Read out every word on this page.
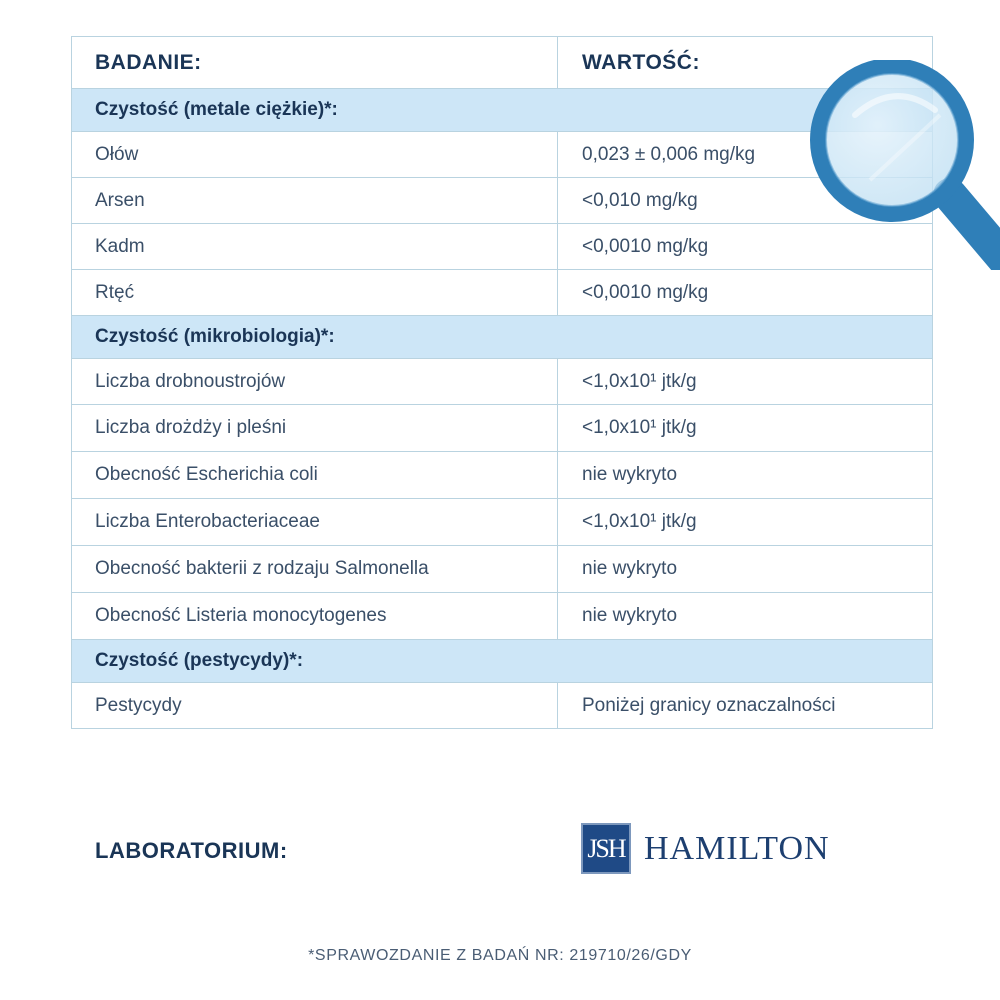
BADANIE:	WARTOŚĆ:
Czystość (metale ciężkie)*:
Ołów	0,023 ± 0,006 mg/kg
Arsen	<0,010 mg/kg
Kadm	<0,0010 mg/kg
Rtęć	<0,0010 mg/kg
Czystość (mikrobiologia)*:
Liczba drobnoustrojów	<1,0x10¹ jtk/g
Liczba drożdży i pleśni	<1,0x10¹ jtk/g
Obecność Escherichia coli	nie wykryto
Liczba Enterobacteriaceae	<1,0x10¹ jtk/g
Obecność bakterii z rodzaju Salmonella	nie wykryto
Obecność Listeria monocytogenes	nie wykryto
Czystość (pestycydy)*:
Pestycydy	Poniżej granicy oznaczalności
LABORATORIUM:	JSH HAMILTON
*SPRAWOZDANIE Z BADAŃ NR: 219710/26/GDY
